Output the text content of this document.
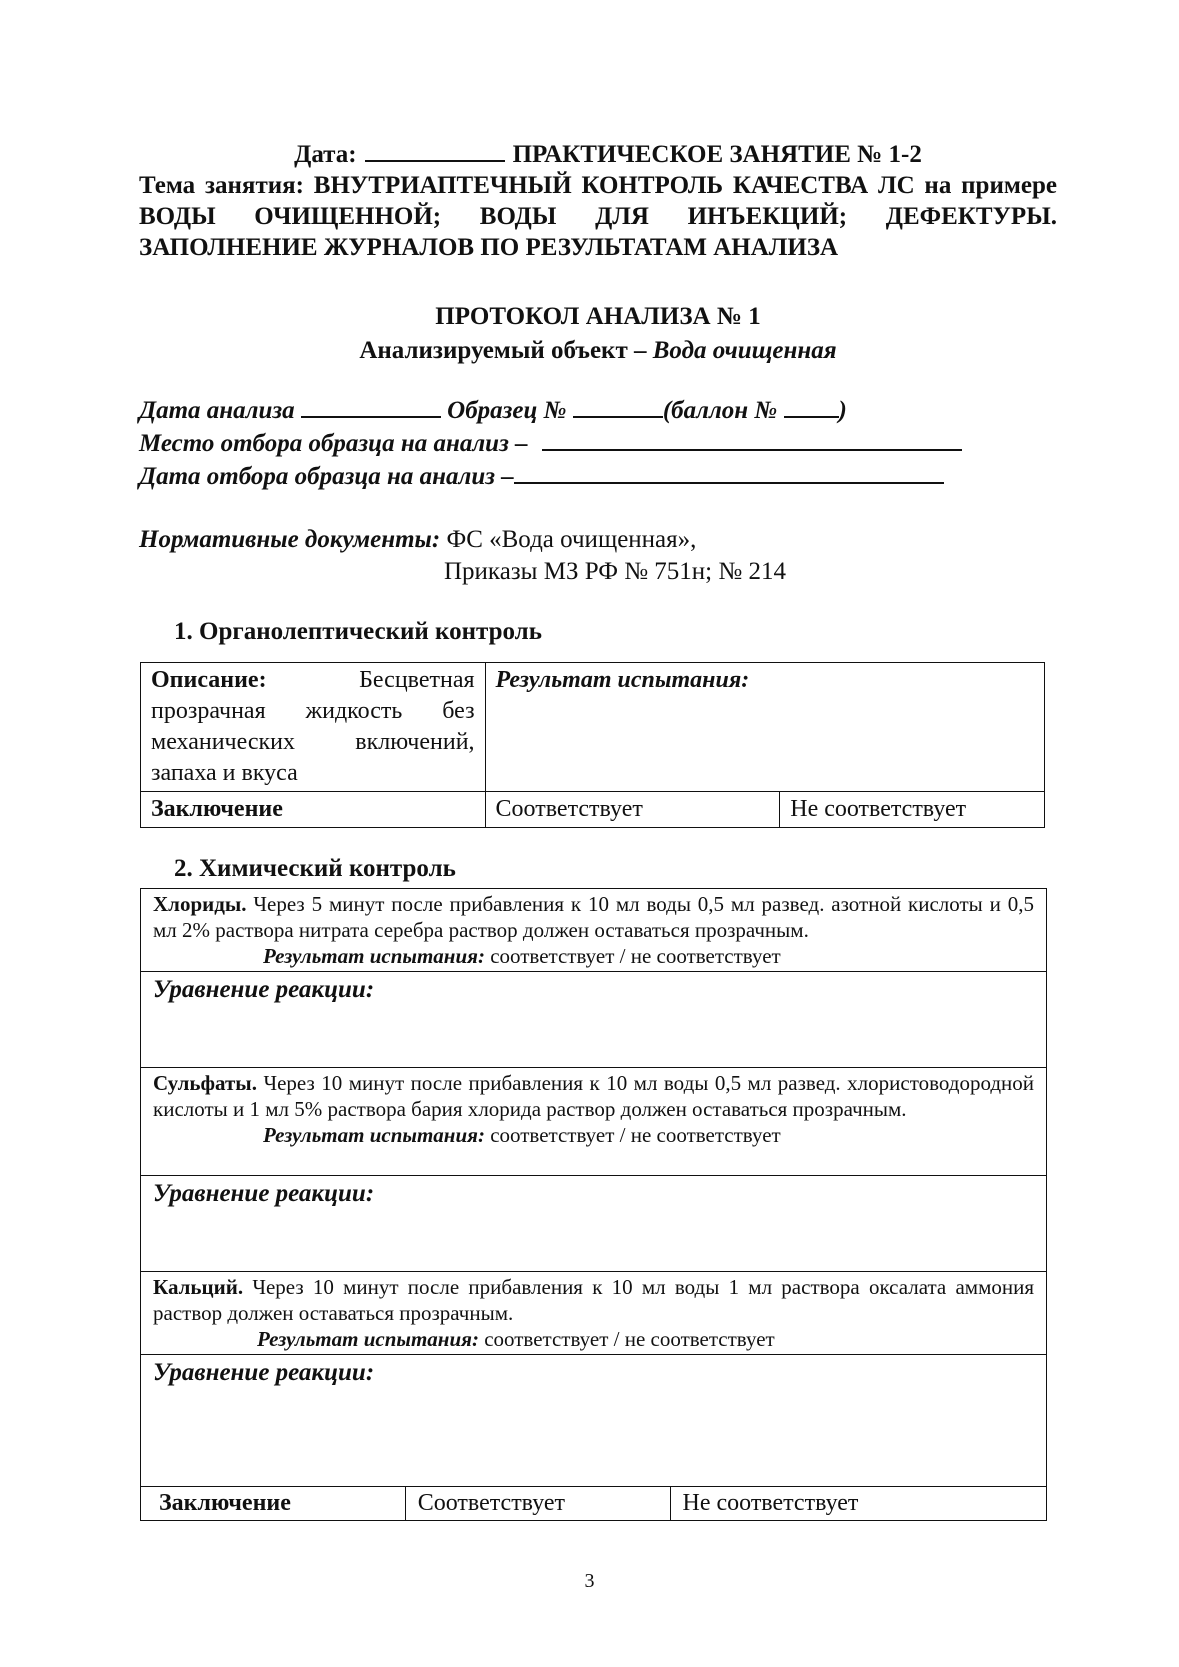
Дата:	ПРАКТИЧЕСКОЕ ЗАНЯТИЕ № 1-2
Тема занятия: ВНУТРИАПТЕЧНЫЙ КОНТРОЛЬ КАЧЕСТВА ЛС на примере ВОДЫ ОЧИЩЕННОЙ; ВОДЫ ДЛЯ ИНЪЕКЦИЙ; ДЕФЕКТУРЫ. ЗАПОЛНЕНИЕ ЖУРНАЛОВ ПО РЕЗУЛЬТАТАМ АНАЛИЗА
ПРОТОКОЛ АНАЛИЗА № 1
Анализируемый объект – Вода очищенная
Дата анализа	Образец №	(баллон № )
Место отбора образца на анализ –
Дата отбора образца на анализ –
Нормативные документы: ФС «Вода очищенная»,
Приказы МЗ РФ № 751н; № 214
1. Органолептический контроль
Описание: Бесцветная прозрачная жидкость без механических включений, запаха и вкуса	Результат испытания:	
Заключение	Соответствует	Не соответствует
2. Химический контроль
Хлориды. Через 5 минут после прибавления к 10 мл воды 0,5 мл развед. азотной кислоты и 0,5 мл 2% раствора нитрата серебра раствор должен оставаться прозрачным.
Результат испытания: соответствует / не соответствует

Уравнение реакции:
Сульфаты. Через 10 минут после прибавления к 10 мл воды 0,5 мл развед. хлористоводородной кислоты и 1 мл 5% раствора бария хлорида раствор должен оставаться прозрачным.
Результат испытания: соответствует / не соответствует

Уравнение реакции:
Кальций. Через 10 минут после прибавления к 10 мл воды 1 мл раствора оксалата аммония раствор должен оставаться прозрачным.
Результат испытания: соответствует / не соответствует

Уравнение реакции:
Заключение	Соответствует	Не соответствует
3
